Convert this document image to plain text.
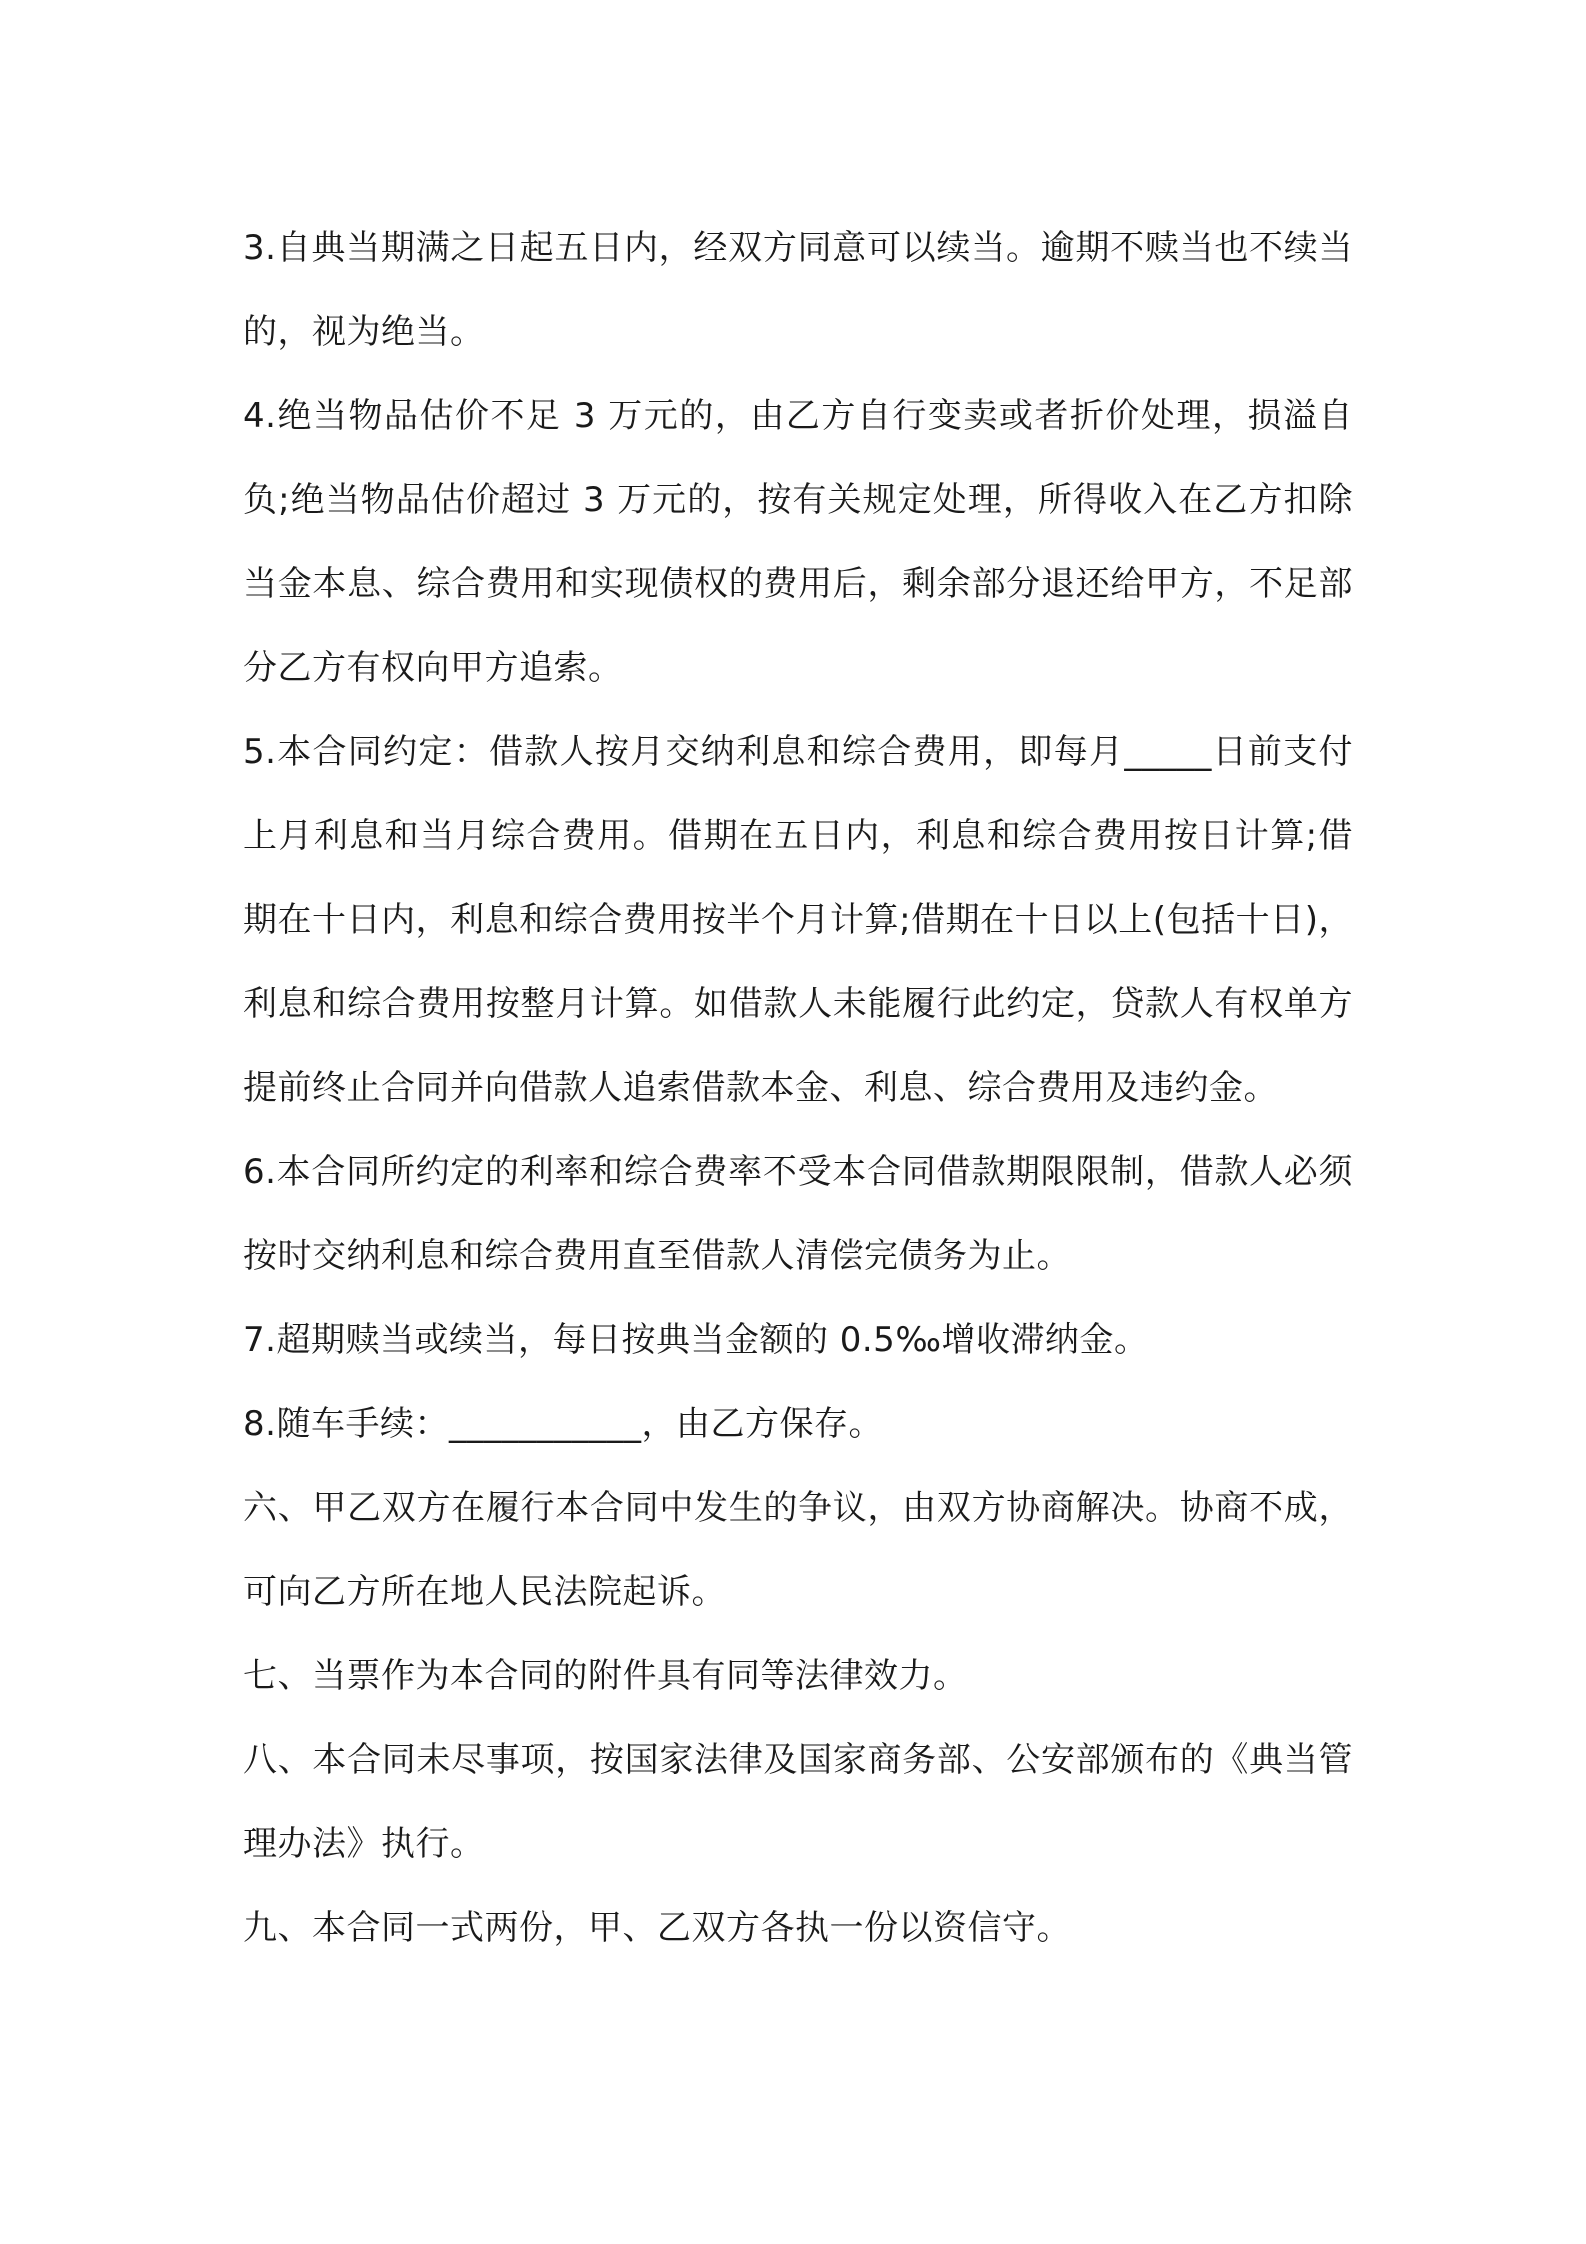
3.自典当期满之日起五日内，经双方同意可以续当。逾期不赎当也不续当的，视为绝当。

4.绝当物品估价不足 3 万元的，由乙方自行变卖或者折价处理，损溢自负;绝当物品估价超过 3 万元的，按有关规定处理，所得收入在乙方扣除当金本息、综合费用和实现债权的费用后，剩余部分退还给甲方，不足部分乙方有权向甲方追索。

5.本合同约定：借款人按月交纳利息和综合费用，即每月_____日前支付上月利息和当月综合费用。借期在五日内，利息和综合费用按日计算;借期在十日内，利息和综合费用按半个月计算;借期在十日以上(包括十日)，利息和综合费用按整月计算。如借款人未能履行此约定，贷款人有权单方提前终止合同并向借款人追索借款本金、利息、综合费用及违约金。

6.本合同所约定的利率和综合费率不受本合同借款期限限制，借款人必须按时交纳利息和综合费用直至借款人清偿完债务为止。

7.超期赎当或续当，每日按典当金额的 0.5‰增收滞纳金。

8.随车手续：___________，由乙方保存。

六、甲乙双方在履行本合同中发生的争议，由双方协商解决。协商不成，可向乙方所在地人民法院起诉。

七、当票作为本合同的附件具有同等法律效力。

八、本合同未尽事项，按国家法律及国家商务部、公安部颁布的《典当管理办法》执行。

九、本合同一式两份，甲、乙双方各执一份以资信守。
